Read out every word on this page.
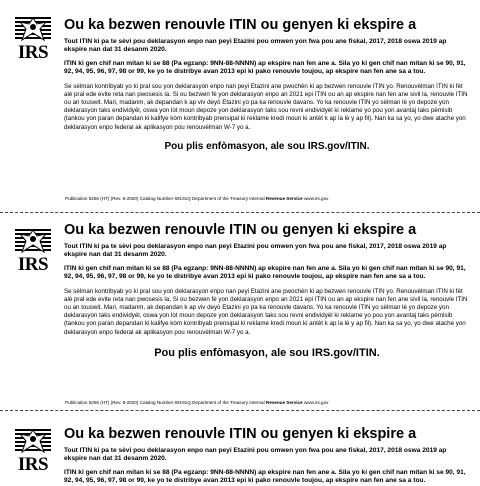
IRS
Ou ka bezwen renouvle ITIN ou genyen ki ekspire a
Tout ITIN ki pa te sèvi pou deklarasyon enpo nan peyi Etazini pou omwen yon fwa pou ane fiskal, 2017, 2018 oswa 2019 ap ekspire nan dat 31 desanm 2020.
ITIN ki gen chif nan mitan ki se 88 (Pa egzanp: 9NN-88-NNNN) ap ekspire nan fen ane a. Sila yo ki gen chif nan mitan ki se 90, 91, 92, 94, 95, 96, 97, 98 or 99, ke yo te distribye avan 2013 epi ki pako renouvle toujou, ap ekspire nan fen ane sa a tou.
Se sèlman kontribyab yo ki pral sou yon deklarasyon enpo nan peyi Etazini ane pwochèn ki ap bezwen renouvle ITIN yo. Renouvèlman ITIN ki fèt alè pral ede evite reta nan pwosesis la. Si ou bezwen fè yon deklarasyon enpo an 2021 epi ITIN ou an ap ekspire nan fen ane sivil la, renouvle ITIN ou an touswit. Mari, madanm, ak depandan k ap viv deyò Etazini yo pa ka renouvle davans. Yo ka renouvle ITIN yo sèlman lè yo depoze yon deklarasyon taks endividyèl, oswa yon lòt moun depoze yon deklarasyon taks sou revni endividyèl ki reklame yo pou yon avantaj taks pèmisib (tankou yon paran depandan ki kalifye kòm kontribyab prensipal ki reklame kredi moun ki antèt k ap la lè y ap fil). Nan ka sa yo, yo dwe atache yon deklarasyon enpo federal ak aplikasyon pou renouvèlman W-7 yo a.
Pou plis enfòmasyon, ale sou IRS.gov/ITIN.
Publication 5256 (HT) (Rev. 8-2020) Catalog Number 69191Q Department of the Treasury Internal Revenue Service www.irs.gov
IRS
Ou ka bezwen renouvle ITIN ou genyen ki ekspire a
Tout ITIN ki pa te sèvi pou deklarasyon enpo nan peyi Etazini pou omwen yon fwa pou ane fiskal, 2017, 2018 oswa 2019 ap ekspire nan dat 31 desanm 2020.
ITIN ki gen chif nan mitan ki se 88 (Pa egzanp: 9NN-88-NNNN) ap ekspire nan fen ane a. Sila yo ki gen chif nan mitan ki se 90, 91, 92, 94, 95, 96, 97, 98 or 99, ke yo te distribye avan 2013 epi ki pako renouvle toujou, ap ekspire nan fen ane sa a tou.
Se sèlman kontribyab yo ki pral sou yon deklarasyon enpo nan peyi Etazini ane pwochèn ki ap bezwen renouvle ITIN yo. Renouvèlman ITIN ki fèt alè pral ede evite reta nan pwosesis la. Si ou bezwen fè yon deklarasyon enpo an 2021 epi ITIN ou an ap ekspire nan fen ane sivil la, renouvle ITIN ou an touswit. Mari, madanm, ak depandan k ap viv deyò Etazini yo pa ka renouvle davans. Yo ka renouvle ITIN yo sèlman lè yo depoze yon deklarasyon taks endividyèl, oswa yon lòt moun depoze yon deklarasyon taks sou revni endividyèl ki reklame yo pou yon avantaj taks pèmisib (tankou yon paran depandan ki kalifye kòm kontribyab prensipal ki reklame kredi moun ki antèt k ap la lè y ap fil). Nan ka sa yo, yo dwe atache yon deklarasyon enpo federal ak aplikasyon pou renouvèlman W-7 yo a.
Pou plis enfòmasyon, ale sou IRS.gov/ITIN.
Publication 5256 (HT) (Rev. 8-2020) Catalog Number 69191Q Department of the Treasury Internal Revenue Service www.irs.gov
IRS
Ou ka bezwen renouvle ITIN ou genyen ki ekspire a
Tout ITIN ki pa te sèvi pou deklarasyon enpo nan peyi Etazini pou omwen yon fwa pou ane fiskal, 2017, 2018 oswa 2019 ap ekspire nan dat 31 desanm 2020.
ITIN ki gen chif nan mitan ki se 88 (Pa egzanp: 9NN-88-NNNN) ap ekspire nan fen ane a. Sila yo ki gen chif nan mitan ki se 90, 91, 92, 94, 95, 96, 97, 98 or 99, ke yo te distribye avan 2013 epi ki pako renouvle toujou, ap ekspire nan fen ane sa a tou.
